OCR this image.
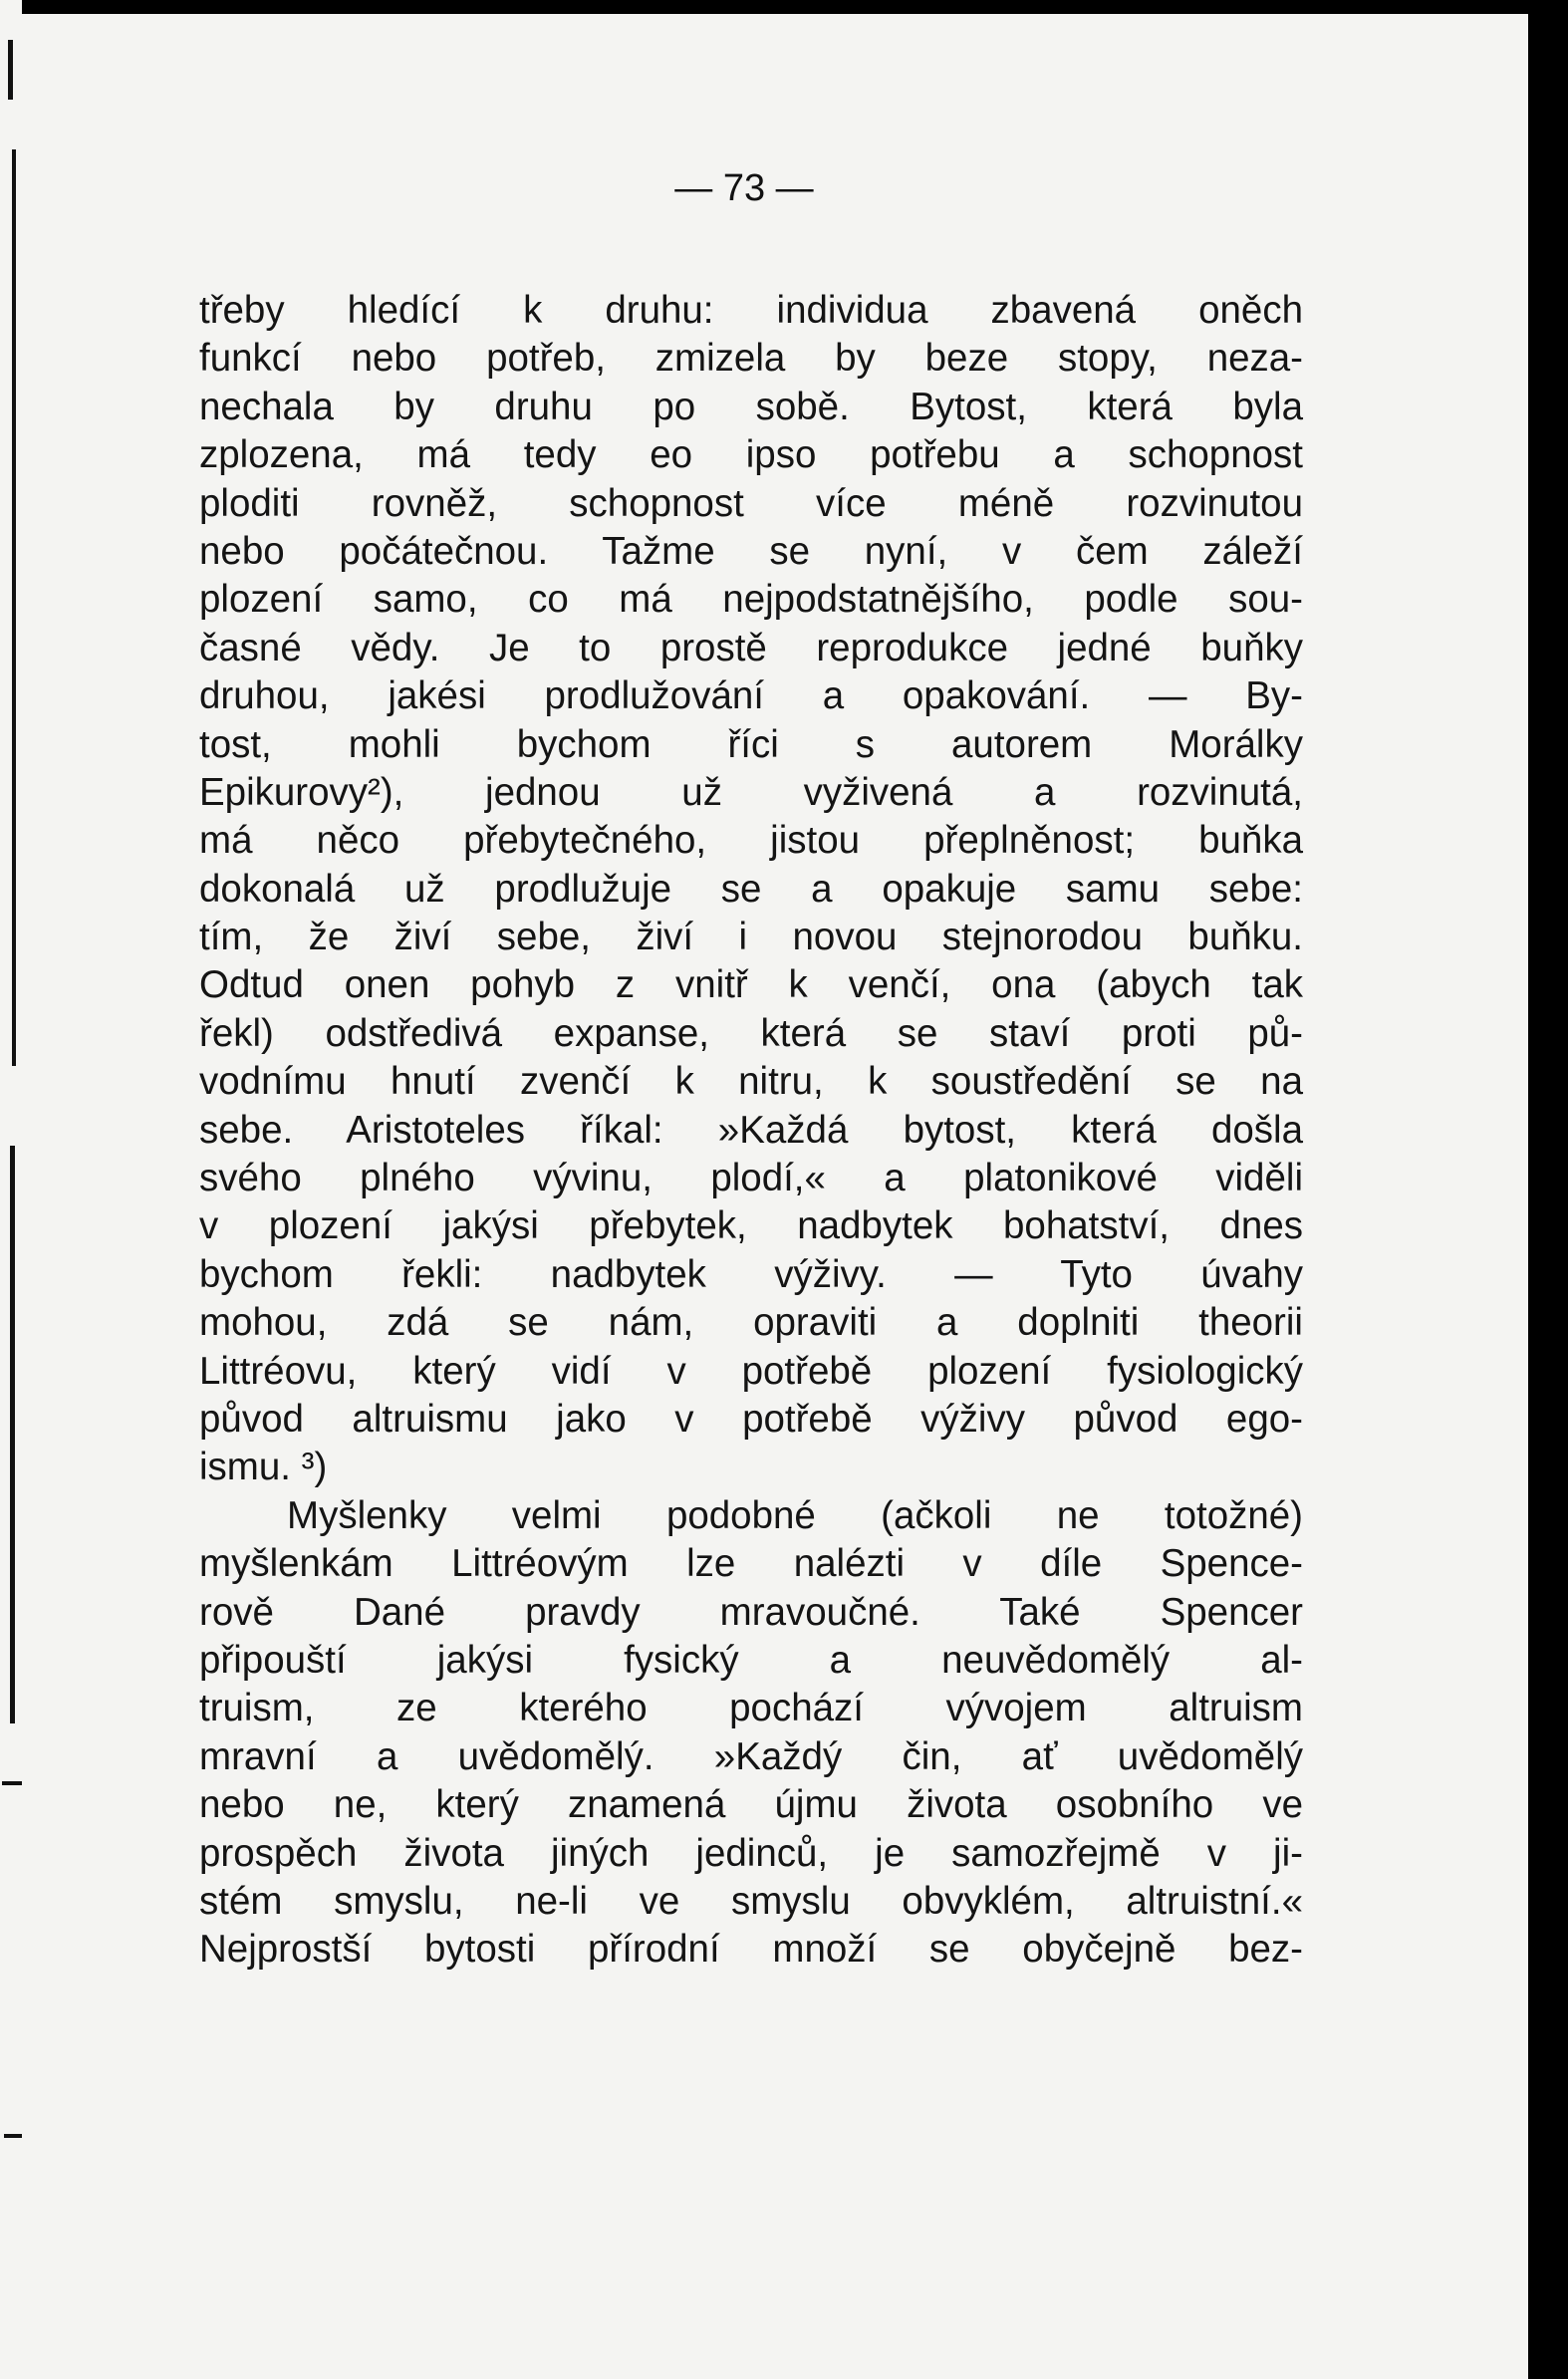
— 73 —
třeby hledící k druhu: individua zbavená oněch
funkcí nebo potřeb, zmizela by beze stopy, neza-
nechala by druhu po sobě. Bytost, která byla
zplozena, má tedy eo ipso potřebu a schopnost
ploditi rovněž, schopnost více méně rozvinutou
nebo počátečnou. Tažme se nyní, v čem záleží
plození samo, co má nejpodstatnějšího, podle sou-
časné vědy. Je to prostě reprodukce jedné buňky
druhou, jakési prodlužování a opakování. — By-
tost, mohli bychom říci s autorem Morálky
Epikurovy²), jednou už vyživená a rozvinutá,
má něco přebytečného, jistou přeplněnost; buňka
dokonalá už prodlužuje se a opakuje samu sebe:
tím, že živí sebe, živí i novou stejnorodou buňku.
Odtud onen pohyb z vnitř k venčí, ona (abych tak
řekl) odstředivá expanse, která se staví proti pů-
vodnímu hnutí zvenčí k nitru, k soustředění se na
sebe. Aristoteles říkal: »Každá bytost, která došla
svého plného vývinu, plodí,« a platonikové viděli
v plození jakýsi přebytek, nadbytek bohatství, dnes
bychom řekli: nadbytek výživy. — Tyto úvahy
mohou, zdá se nám, opraviti a doplniti theorii
Littréovu, který vidí v potřebě plození fysiologický
původ altruismu jako v potřebě výživy původ ego-
ismu. ³)
Myšlenky velmi podobné (ačkoli ne totožné)
myšlenkám Littréovým lze nalézti v díle Spence-
rově Dané pravdy mravoučné. Také Spencer
připouští jakýsi fysický a neuvědomělý al-
truism, ze kterého pochází vývojem altruism
mravní a uvědomělý. »Každý čin, ať uvědomělý
nebo ne, který znamená újmu života osobního ve
prospěch života jiných jedinců, je samozřejmě v ji-
stém smyslu, ne-li ve smyslu obvyklém, altruistní.«
Nejprostší bytosti přírodní množí se obyčejně bez-
